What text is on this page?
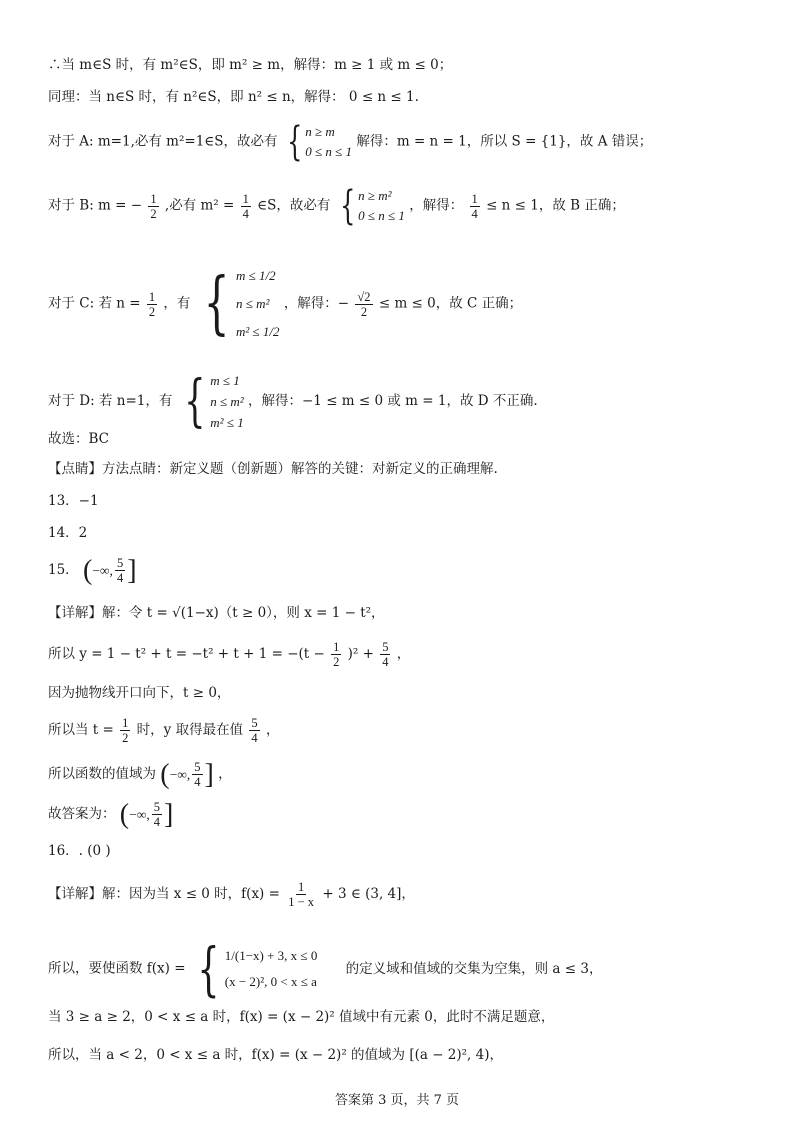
∴当 m∈S 时，有 m²∈S，即 m² ≥ m，解得：m ≥ 1 或 m ≤ 0；
同理：当 n∈S 时，有 n²∈S，即 n² ≤ n，解得： 0 ≤ n ≤ 1.
对于 A: m=1,必有 m²=1∈S，故必有 { n ≥ m
0 ≤ n ≤ 1
解得：m = n = 1，所以 S = {1}，故 A 错误；
对于 B: m = − $\frac{1}{2}$ ,必有 $m^2 = \frac{1}{4}$ ∈S，故必有 { n ≥ m²
0 ≤ n ≤ 1
，解得： $\frac{1}{4} \le n \le 1$，故 B 正确；
对于 C: 若 $n = \frac{1}{2}$ ，有 { m ≤ 1/2
n ≤ m²
m² ≤ 1/2
，解得：− $\frac{√2}{2} \le m \le 0$，故 C 正确；
对于 D: 若 n=1，有 { m ≤ 1
n ≤ m²
m² ≤ 1
，解得：−1 ≤ m ≤ 0 或 m = 1，故 D 不正确.
故选：BC
【点睛】方法点睛：新定义题（创新题）解答的关键：对新定义的正确理解.
13．−1
14．2
15． ( −∞, $\frac{5}{4}$ ]
【详解】解：令 t = √(1−x)（t ≥ 0），则 x = 1 − t²，
所以 $y = 1 - t^2 + t = -t^2 + t + 1 = -(t - \frac{1}{2} )^2 + \frac{5}{4}$ ，
因为抛物线开口向下，t ≥ 0，
所以当 $t = \frac{1}{2}$ 时，y 取得最在值 $\frac{5}{4}$ ，
所以函数的值域为 ( −∞, $\frac{5}{4}$ ] ，
故答案为： ( −∞, $\frac{5}{4}$ ]
16．. (0 )
【详解】解：因为当 x ≤ 0 时，$f(x) = \frac{1}{1 - x} + 3$ ∈ (3, 4]，
所以，要使函数 f(x) = { 1/(1−x) + 3, x ≤ 0
(x − 2)², 0 < x ≤ a
的定义域和值域的交集为空集，则 a ≤ 3，
当 3 ≥ a ≥ 2，0 < x ≤ a 时，f(x) = (x − 2)² 值域中有元素 0，此时不满足题意，
所以，当 a < 2，0 < x ≤ a 时，f(x) = (x − 2)² 的值域为 [(a − 2)², 4)，
答案第 3 页，共 7 页
